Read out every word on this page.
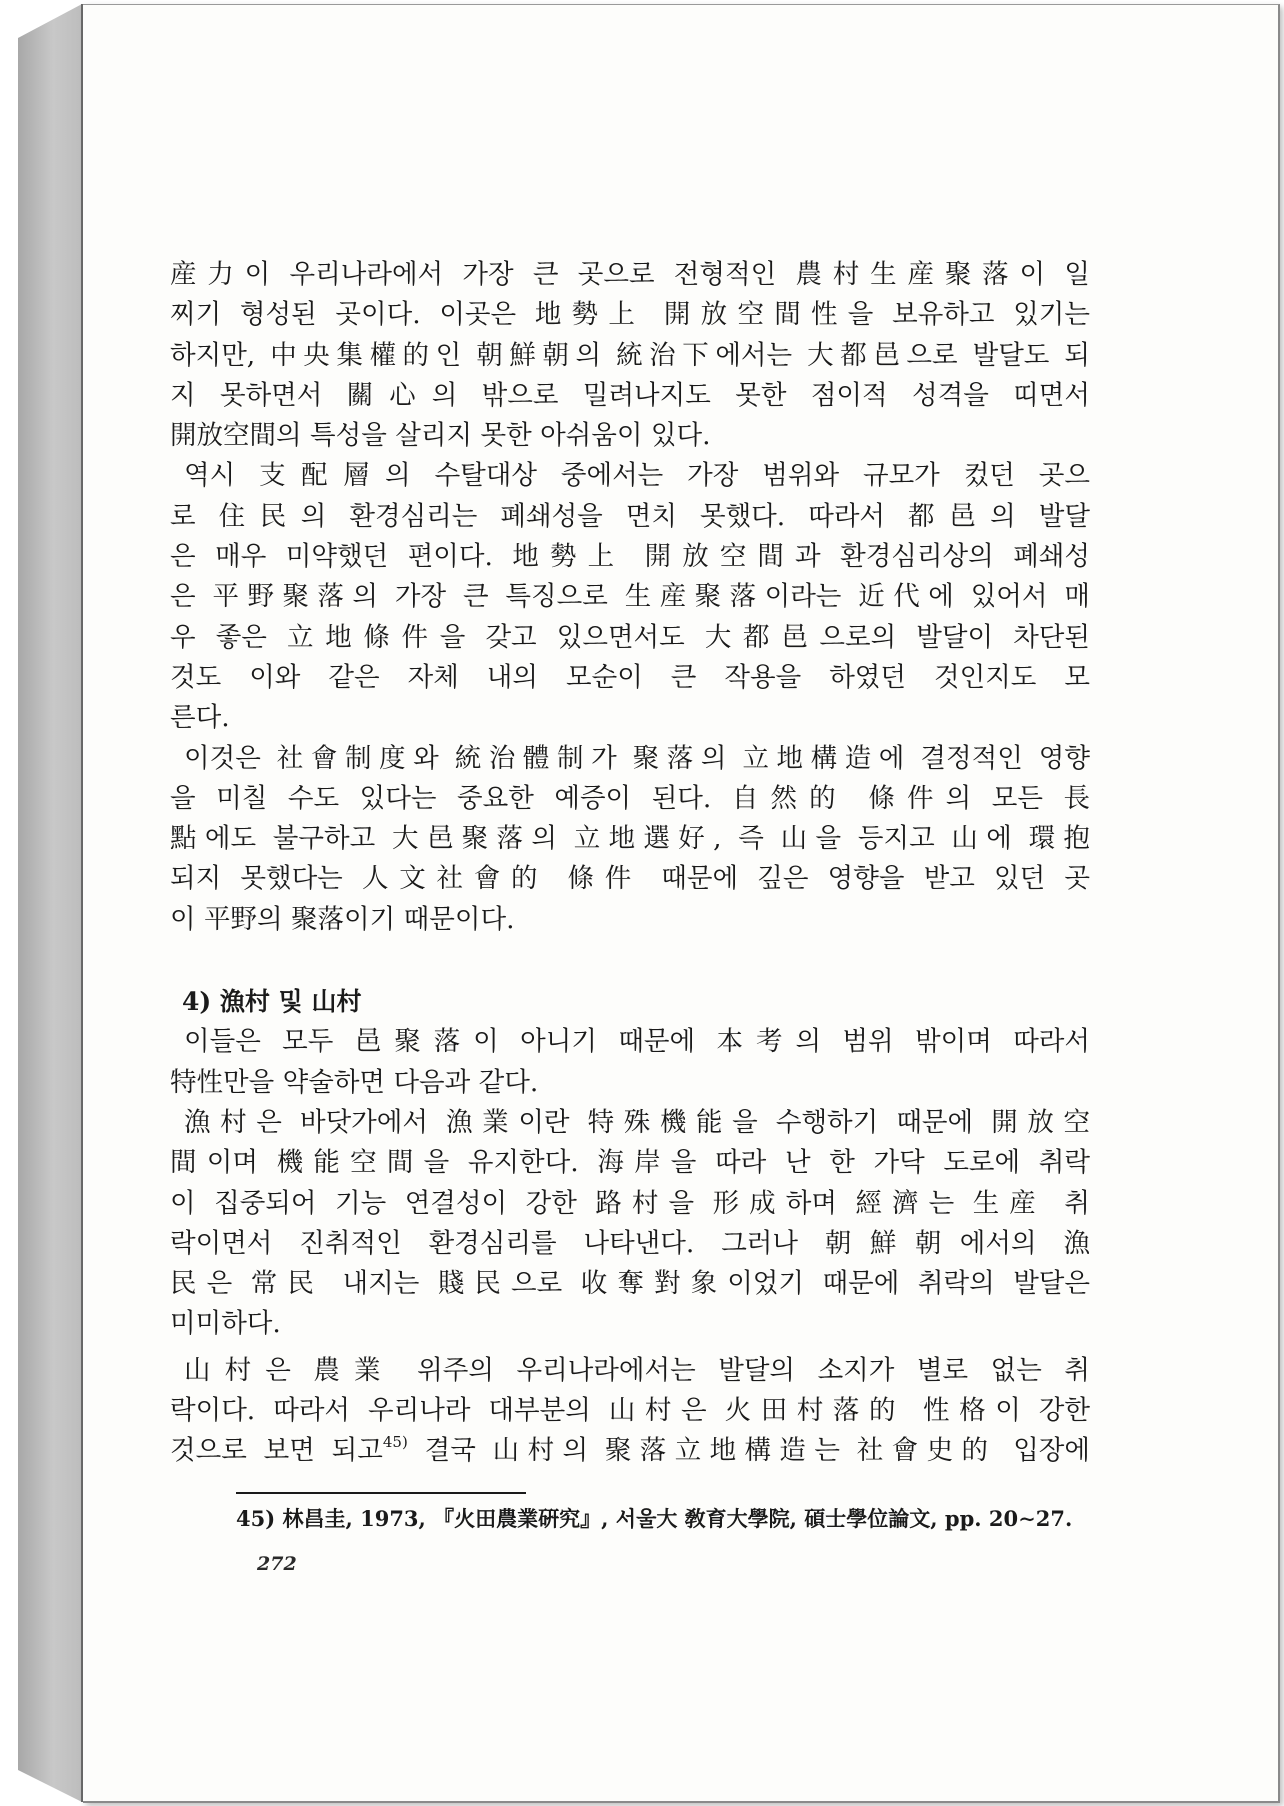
産力이 우리나라에서 가장 큰 곳으로 전형적인 農村生産聚落이 일
찌기 형성된 곳이다. 이곳은 地勢上 開放空間性을 보유하고 있기는
하지만, 中央集權的인 朝鮮朝의 統治下에서는 大都邑으로 발달도 되
지 못하면서 關心의 밖으로 밀려나지도 못한 점이적 성격을 띠면서
開放空間의 특성을 살리지 못한 아쉬움이 있다.
역시 支配層의 수탈대상 중에서는 가장 범위와 규모가 컸던 곳으
로 住民의 환경심리는 폐쇄성을 면치 못했다. 따라서 都邑의 발달
은 매우 미약했던 편이다. 地勢上 開放空間과 환경심리상의 폐쇄성
은 平野聚落의 가장 큰 특징으로 生産聚落이라는 近代에 있어서 매
우 좋은 立地條件을 갖고 있으면서도 大都邑으로의 발달이 차단된
것도 이와 같은 자체 내의 모순이 큰 작용을 하였던 것인지도 모
른다.
이것은 社會制度와 統治體制가 聚落의 立地構造에 결정적인 영향
을 미칠 수도 있다는 중요한 예증이 된다. 自然的 條件의 모든 長
點에도 불구하고 大邑聚落의 立地選好, 즉 山을 등지고 山에 環抱
되지 못했다는 人文社會的 條件 때문에 깊은 영향을 받고 있던 곳
이 平野의 聚落이기 때문이다.
4) 漁村 및 山村
이들은 모두 邑聚落이 아니기 때문에 本考의 범위 밖이며 따라서
特性만을 약술하면 다음과 같다.
漁村은 바닷가에서 漁業이란 特殊機能을 수행하기 때문에 開放空
間이며 機能空間을 유지한다. 海岸을 따라 난 한 가닥 도로에 취락
이 집중되어 기능 연결성이 강한 路村을 形成하며 經濟는 生産 취
락이면서 진취적인 환경심리를 나타낸다. 그러나 朝鮮朝에서의 漁
民은 常民 내지는 賤民으로 收奪對象이었기 때문에 취락의 발달은
미미하다.
山村은 農業 위주의 우리나라에서는 발달의 소지가 별로 없는 취
락이다. 따라서 우리나라 대부분의 山村은 火田村落的 性格이 강한
것으로 보면 되고$^{45)}$ 결국 山村의 聚落立地構造는 社會史的 입장에
45) 林昌圭, 1973, 『火田農業硏究』, 서울大 敎育大學院, 碩士學位論文, pp. 20∼27.
272
